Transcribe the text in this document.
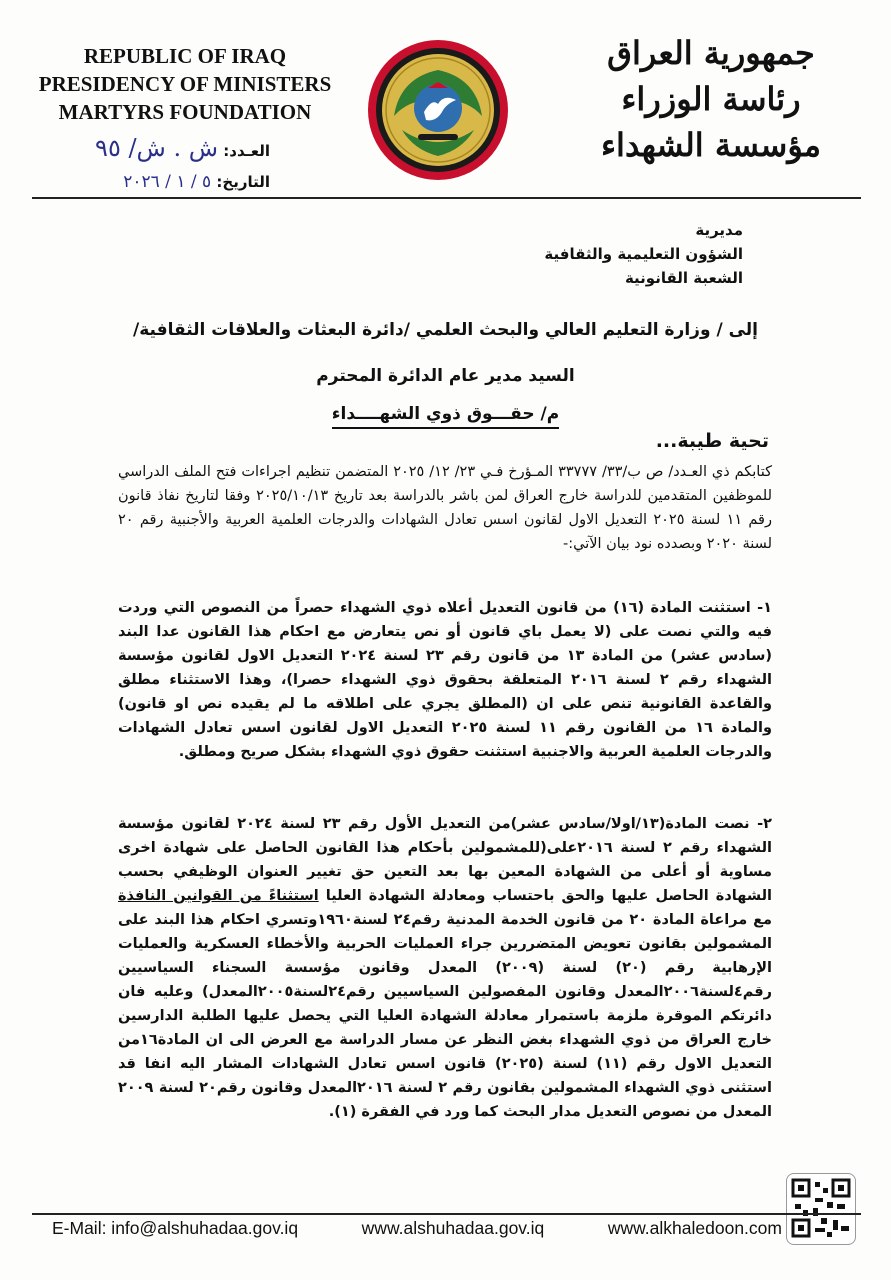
REPUBLIC OF IRAQ
PRESIDENCY OF MINISTERS
MARTYRS FOUNDATION
العـدد: ش . ش/ ٩٥
التاريخ: ٥ / ١ / ٢٠٢٦
جمهورية العراق
رئاسة الوزراء
مؤسسة الشهداء
مديرية
الشؤون التعليمية والثقافية
الشعبة القانونية
إلى / وزارة التعليم العالي والبحث العلمي /دائرة البعثات والعلاقات الثقافية/
السيد مدير عام الدائرة المحترم
م/ حقـــوق ذوي الشهــــداء
تحية طيبة...
كتابكم ذي العـدد/ ص ب/٣٣/ ٣٣٧٧٧ المـؤرخ فـي ٢٣/ ١٢/ ٢٠٢٥ المتضمن تنظيم اجراءات فتح الملف الدراسي للموظفين المتقدمين للدراسة خارج العراق لمن باشر بالدراسة بعد تاريخ ٢٠٢٥/١٠/١٣ وفقا لتاريخ نفاذ قانون رقم ١١ لسنة ٢٠٢٥ التعديل الاول لقانون اسس تعادل الشهادات والدرجات العلمية العربية والأجنبية رقم ٢٠ لسنة ٢٠٢٠ وبصدده نود بيان الآتي:-
١- استثنت المادة (١٦) من قانون التعديل أعلاه ذوي الشهداء حصراً من النصوص التي وردت فيه والتي نصت على (لا يعمل باي قانون أو نص يتعارض مع احكام هذا القانون عدا البند (سادس عشر) من المادة ١٣ من قانون رقم ٢٣ لسنة ٢٠٢٤ التعديل الاول لقانون مؤسسة الشهداء رقم ٢ لسنة ٢٠١٦ المتعلقة بحقوق ذوي الشهداء حصرا)، وهذا الاستثناء مطلق والقاعدة القانونية تنص على ان (المطلق يجري على اطلاقه ما لم يقيده نص او قانون) والمادة ١٦ من القانون رقم ١١ لسنة ٢٠٢٥ التعديل الاول لقانون اسس تعادل الشهادات والدرجات العلمية العربية والاجنبية استثنت حقوق ذوي الشهداء بشكل صريح ومطلق.
٢- نصت المادة(١٣/اولا/سادس عشر)من التعديل الأول رقم ٢٣ لسنة ٢٠٢٤ لقانون مؤسسة الشهداء رقم ٢ لسنة ٢٠١٦على(للمشمولين بأحكام هذا القانون الحاصل على شهادة اخرى مساوية أو أعلى من الشهادة المعين بها بعد التعين حق تغيير العنوان الوظيفي بحسب الشهادة الحاصل عليها والحق باحتساب ومعادلة الشهادة العليا استثناءً من القوانين النافذة مع مراعاة المادة ٢٠ من قانون الخدمة المدنية رقم٢٤ لسنة١٩٦٠وتسري احكام هذا البند على المشمولين بقانون تعويض المتضررين جراء العمليات الحربية والأخطاء العسكرية والعمليات الإرهابية رقم (٢٠) لسنة (٢٠٠٩) المعدل وقانون مؤسسة السجناء السياسيين رقم٤لسنة٢٠٠٦المعدل وقانون المفصولين السياسيين رقم٢٤لسنة٢٠٠٥المعدل) وعليه فان دائرتكم الموقرة ملزمة باستمرار معادلة الشهادة العليا التي يحصل عليها الطلبة الدارسين خارج العراق من ذوي الشهداء بغض النظر عن مسار الدراسة مع العرض الى ان المادة١٦من التعديل الاول رقم (١١) لسنة (٢٠٢٥) قانون اسس تعادل الشهادات المشار اليه انفا قد استثنى ذوي الشهداء المشمولين بقانون رقم ٢ لسنة ٢٠١٦المعدل وقانون رقم٢٠ لسنة ٢٠٠٩ المعدل من نصوص التعديل مدار البحث كما ورد في الفقرة (١).
E-Mail: info@alshuhadaa.gov.iq	www.alshuhadaa.gov.iq	www.alkhaledoon.com
